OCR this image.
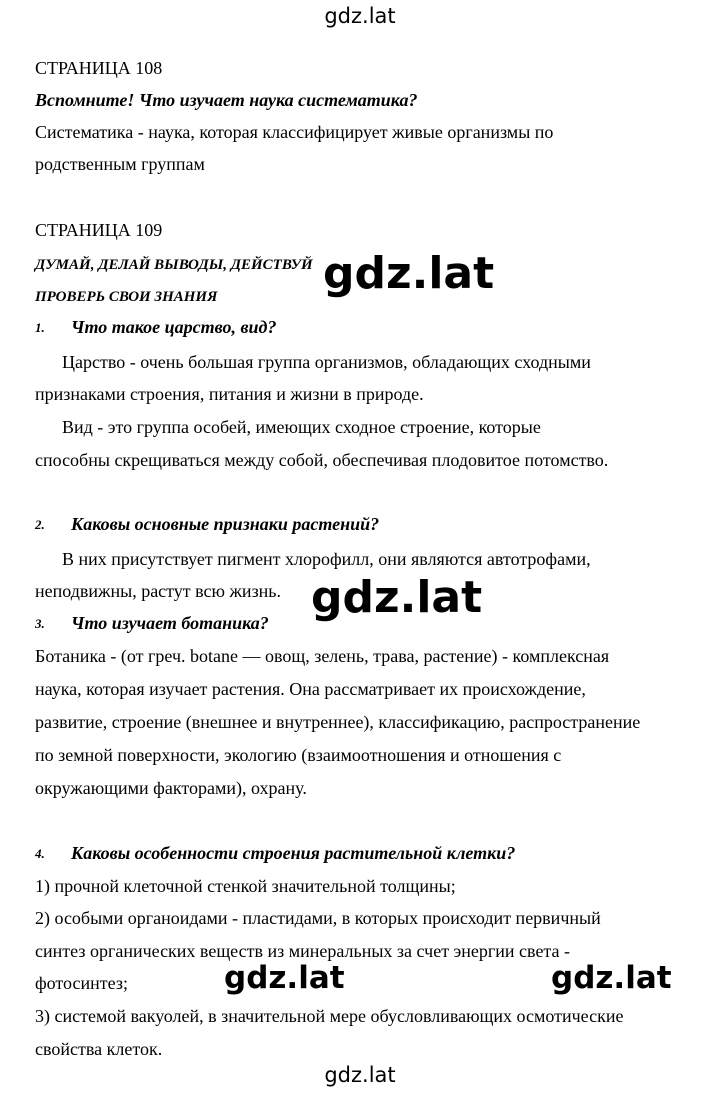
gdz.lat
СТРАНИЦА 108
Вспомните! Что изучает наука систематика?
Систематика - наука, которая классифицирует живые организмы по
родственным группам
СТРАНИЦА 109
ДУМАЙ, ДЕЛАЙ ВЫВОДЫ, ДЕЙСТВУЙ
ПРОВЕРЬ СВОИ ЗНАНИЯ
1. Что такое царство, вид?
Царство - очень большая группа организмов, обладающих сходными
признаками строения, питания и жизни в природе.
Вид - это группа особей, имеющих сходное строение, которые
способны скрещиваться между собой, обеспечивая плодовитое потомство.
2. Каковы основные признаки растений?
В них присутствует пигмент хлорофилл, они являются автотрофами,
неподвижны, растут всю жизнь.
3. Что изучает ботаника?
Ботаника - (от греч. botane — овощ, зелень, трава, растение) - комплексная
наука, которая изучает растения. Она рассматривает их происхождение,
развитие, строение (внешнее и внутреннее), классификацию, распространение
по земной поверхности, экологию (взаимоотношения и отношения с
окружающими факторами), охрану.
4. Каковы особенности строения растительной клетки?
1) прочной клеточной стенкой значительной толщины;
2) особыми органоидами - пластидами, в которых происходит первичный
синтез органических веществ из минеральных за счет энергии света -
фотосинтез;
3) системой вакуолей, в значительной мере обусловливающих осмотические
свойства клеток.
gdz.lat
gdz.lat
gdz.lat	gdz.lat
gdz.lat
